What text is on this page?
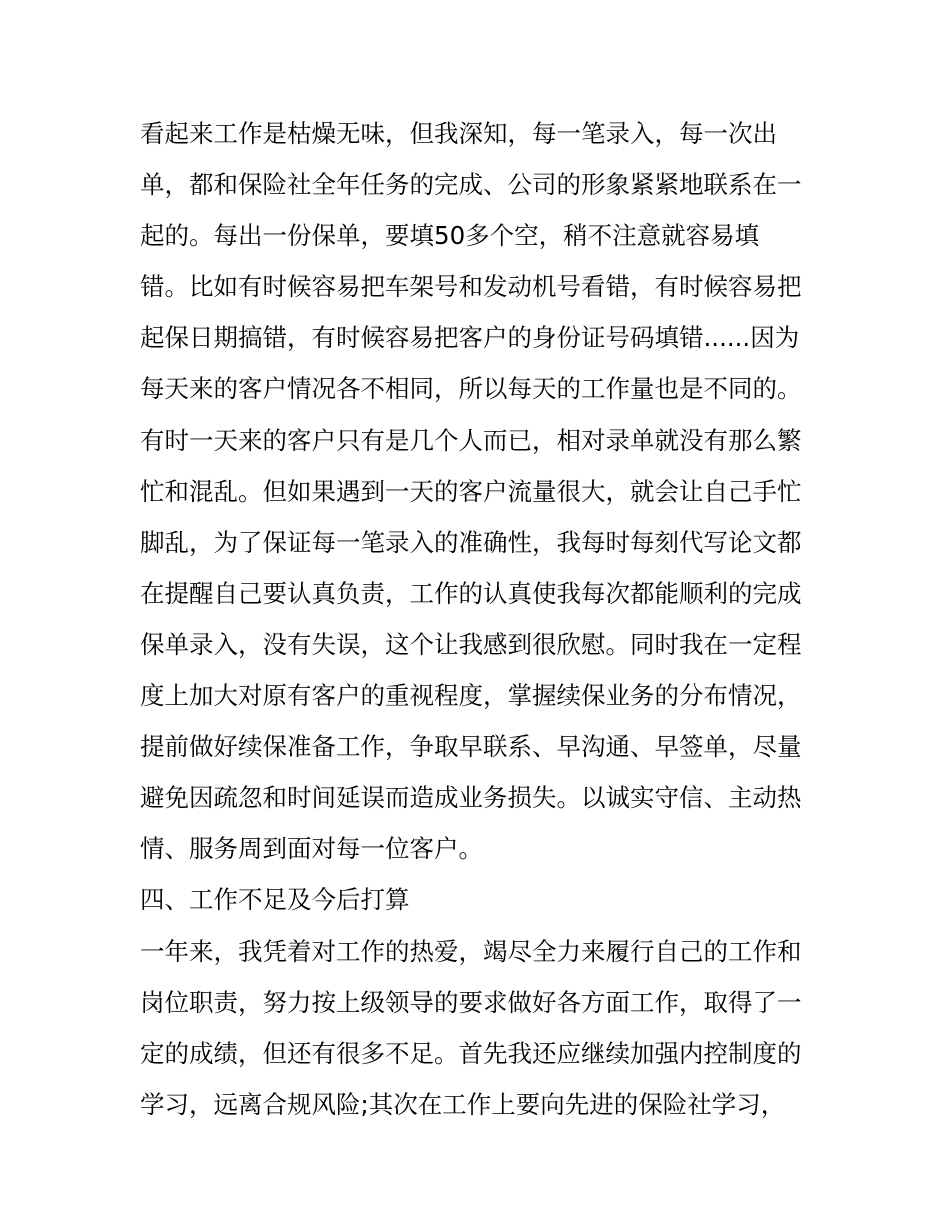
看起来工作是枯燥无味，但我深知，每一笔录入，每一次出
单，都和保险社全年任务的完成、公司的形象紧紧地联系在一
起的。每出一份保单，要填50多个空，稍不注意就容易填
错。比如有时候容易把车架号和发动机号看错，有时候容易把
起保日期搞错，有时候容易把客户的身份证号码填错......因为
每天来的客户情况各不相同，所以每天的工作量也是不同的。
有时一天来的客户只有是几个人而已，相对录单就没有那么繁
忙和混乱。但如果遇到一天的客户流量很大，就会让自己手忙
脚乱，为了保证每一笔录入的准确性，我每时每刻代写论文都
在提醒自己要认真负责，工作的认真使我每次都能顺利的完成
保单录入，没有失误，这个让我感到很欣慰。同时我在一定程
度上加大对原有客户的重视程度，掌握续保业务的分布情况，
提前做好续保准备工作，争取早联系、早沟通、早签单，尽量
避免因疏忽和时间延误而造成业务损失。以诚实守信、主动热
情、服务周到面对每一位客户。
四、工作不足及今后打算
一年来，我凭着对工作的热爱，竭尽全力来履行自己的工作和
岗位职责，努力按上级领导的要求做好各方面工作，取得了一
定的成绩，但还有很多不足。首先我还应继续加强内控制度的
学习，远离合规风险;其次在工作上要向先进的保险社学习，
